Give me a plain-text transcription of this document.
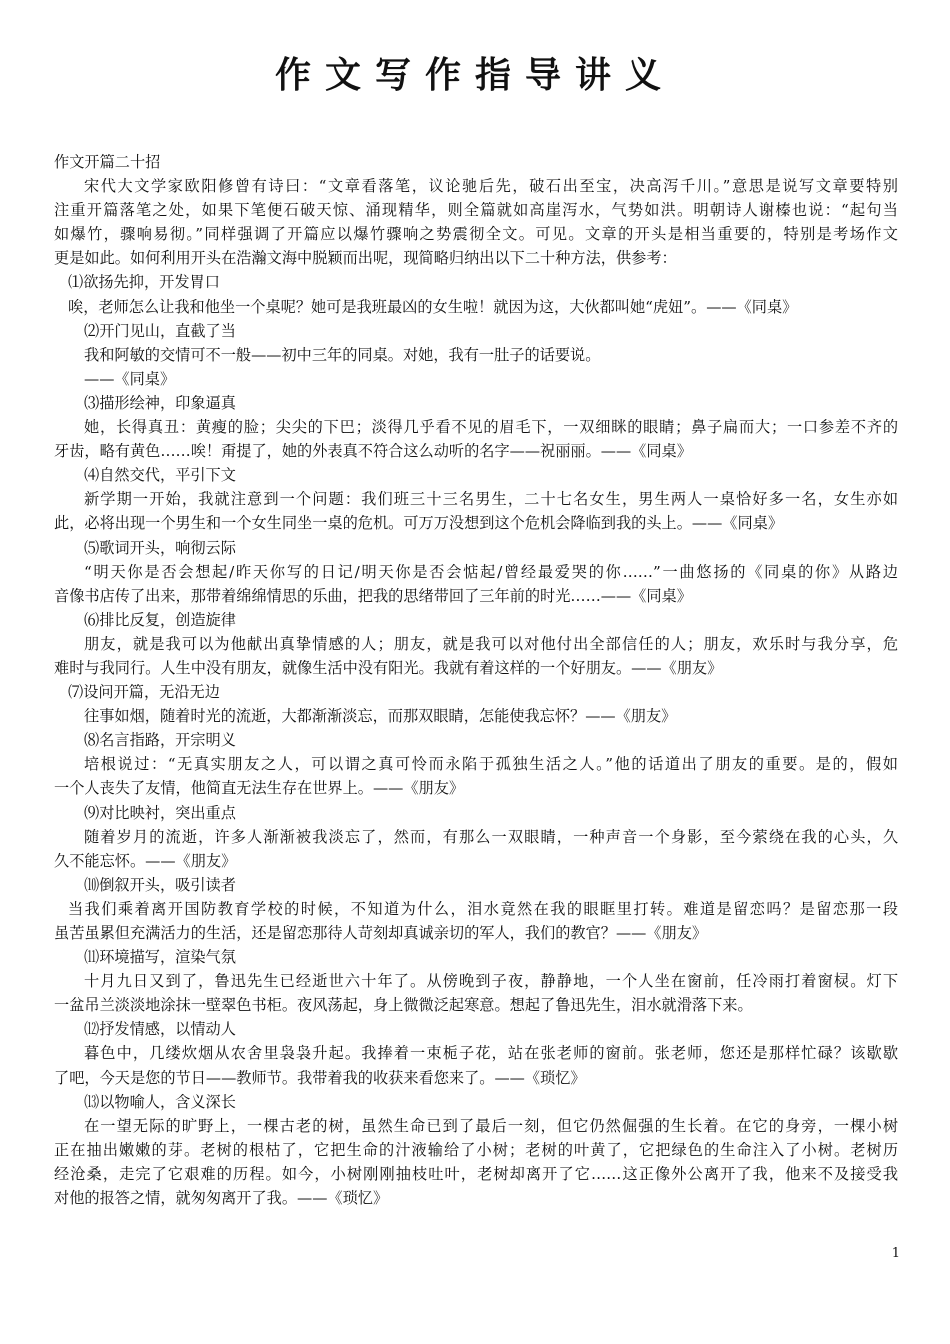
作文写作指导讲义
作文开篇二十招
宋代大文学家欧阳修曾有诗曰：“文章看落笔，议论驰后先，破石出至宝，决高泻千川。”意思是说写文章要特别
注重开篇落笔之处，如果下笔便石破天惊、涌现精华，则全篇就如高崖泻水，气势如洪。明朝诗人谢榛也说：“起句当
如爆竹，骤响易彻。”同样强调了开篇应以爆竹骤响之势震彻全文。可见。文章的开头是相当重要的，特别是考场作文
更是如此。如何利用开头在浩瀚文海中脱颖而出呢，现简略归纳出以下二十种方法，供参考：
⑴欲扬先抑，开发胃口
唉，老师怎么让我和他坐一个桌呢？她可是我班最凶的女生啦！就因为这，大伙都叫她“虎妞”。——《同桌》
⑵开门见山，直截了当
我和阿敏的交情可不一般——初中三年的同桌。对她，我有一肚子的话要说。
——《同桌》
⑶描形绘神，印象逼真
她，长得真丑：黄瘦的脸；尖尖的下巴；淡得几乎看不见的眉毛下，一双细眯的眼睛；鼻子扁而大；一口参差不齐的
牙齿，略有黄色……唉！甭提了，她的外表真不符合这么动听的名字——祝丽丽。——《同桌》
⑷自然交代，平引下文
新学期一开始，我就注意到一个问题：我们班三十三名男生，二十七名女生，男生两人一桌恰好多一名，女生亦如
此，必将出现一个男生和一个女生同坐一桌的危机。可万万没想到这个危机会降临到我的头上。——《同桌》
⑸歌词开头，响彻云际
“明天你是否会想起/昨天你写的日记/明天你是否会惦起/曾经最爱哭的你……”一曲悠扬的《同桌的你》从路边
音像书店传了出来，那带着绵绵情思的乐曲，把我的思绪带回了三年前的时光……——《同桌》
⑹排比反复，创造旋律
朋友，就是我可以为他献出真挚情感的人；朋友，就是我可以对他付出全部信任的人；朋友，欢乐时与我分享，危
难时与我同行。人生中没有朋友，就像生活中没有阳光。我就有着这样的一个好朋友。——《朋友》
⑺设问开篇，无沿无边
往事如烟，随着时光的流逝，大都渐渐淡忘，而那双眼睛，怎能使我忘怀？——《朋友》
⑻名言指路，开宗明义
培根说过：“无真实朋友之人，可以谓之真可怜而永陷于孤独生活之人。”他的话道出了朋友的重要。是的，假如
一个人丧失了友情，他简直无法生存在世界上。——《朋友》
⑼对比映衬，突出重点
随着岁月的流逝，许多人渐渐被我淡忘了，然而，有那么一双眼睛，一种声音一个身影，至今萦绕在我的心头，久
久不能忘怀。——《朋友》
⑽倒叙开头，吸引读者
当我们乘着离开国防教育学校的时候，不知道为什么，泪水竟然在我的眼眶里打转。难道是留恋吗？是留恋那一段
虽苦虽累但充满活力的生活，还是留恋那待人苛刻却真诚亲切的军人，我们的教官？——《朋友》
⑾环境描写，渲染气氛
十月九日又到了，鲁迅先生已经逝世六十年了。从傍晚到子夜，静静地，一个人坐在窗前，任冷雨打着窗棂。灯下
一盆吊兰淡淡地涂抹一壁翠色书柜。夜风荡起，身上微微泛起寒意。想起了鲁迅先生，泪水就滑落下来。
⑿抒发情感，以情动人
暮色中，几缕炊烟从农舍里袅袅升起。我捧着一束栀子花，站在张老师的窗前。张老师，您还是那样忙碌？该歇歇
了吧，今天是您的节日——教师节。我带着我的收获来看您来了。——《琐忆》
⒀以物喻人，含义深长
在一望无际的旷野上，一棵古老的树，虽然生命已到了最后一刻，但它仍然倔强的生长着。在它的身旁，一棵小树
正在抽出嫩嫩的芽。老树的根枯了，它把生命的汁液输给了小树；老树的叶黄了，它把绿色的生命注入了小树。老树历
经沧桑，走完了它艰难的历程。如今，小树刚刚抽枝吐叶，老树却离开了它……这正像外公离开了我，他来不及接受我
对他的报答之情，就匆匆离开了我。——《琐忆》
1
